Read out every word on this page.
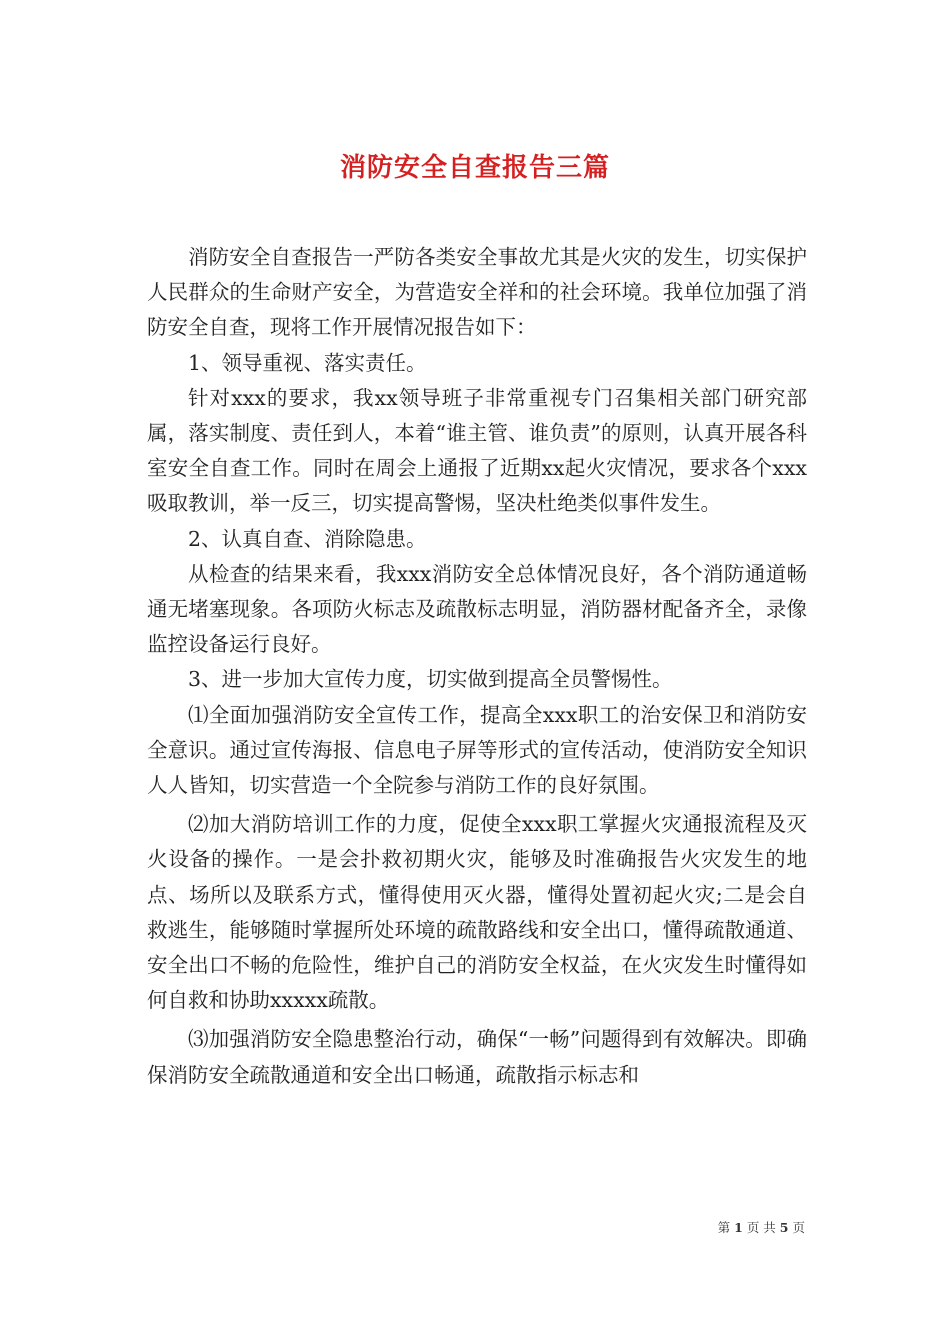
消防安全自查报告三篇

消防安全自查报告一严防各类安全事故尤其是火灾的发生，切实保护人民群众的生命财产安全，为营造安全祥和的社会环境。我单位加强了消防安全自查，现将工作开展情况报告如下：

1、领导重视、落实责任。

针对xxx的要求，我xx领导班子非常重视专门召集相关部门研究部属，落实制度、责任到人，本着“谁主管、谁负责”的原则，认真开展各科室安全自查工作。同时在周会上通报了近期xx起火灾情况，要求各个xxx吸取教训，举一反三，切实提高警惕，坚决杜绝类似事件发生。

2、认真自查、消除隐患。

从检查的结果来看，我xxx消防安全总体情况良好，各个消防通道畅通无堵塞现象。各项防火标志及疏散标志明显，消防器材配备齐全，录像监控设备运行良好。

3、进一步加大宣传力度，切实做到提高全员警惕性。

⑴全面加强消防安全宣传工作，提高全xxx职工的治安保卫和消防安全意识。通过宣传海报、信息电子屏等形式的宣传活动，使消防安全知识人人皆知，切实营造一个全院参与消防工作的良好氛围。

⑵加大消防培训工作的力度，促使全xxx职工掌握火灾通报流程及灭火设备的操作。一是会扑救初期火灾，能够及时准确报告火灾发生的地点、场所以及联系方式，懂得使用灭火器，懂得处置初起火灾;二是会自救逃生，能够随时掌握所处环境的疏散路线和安全出口，懂得疏散通道、安全出口不畅的危险性，维护自己的消防安全权益，在火灾发生时懂得如何自救和协助xxxxx疏散。

⑶加强消防安全隐患整治行动，确保“一畅”问题得到有效解决。即确保消防安全疏散通道和安全出口畅通，疏散指示标志和

第 1 页 共 5 页
